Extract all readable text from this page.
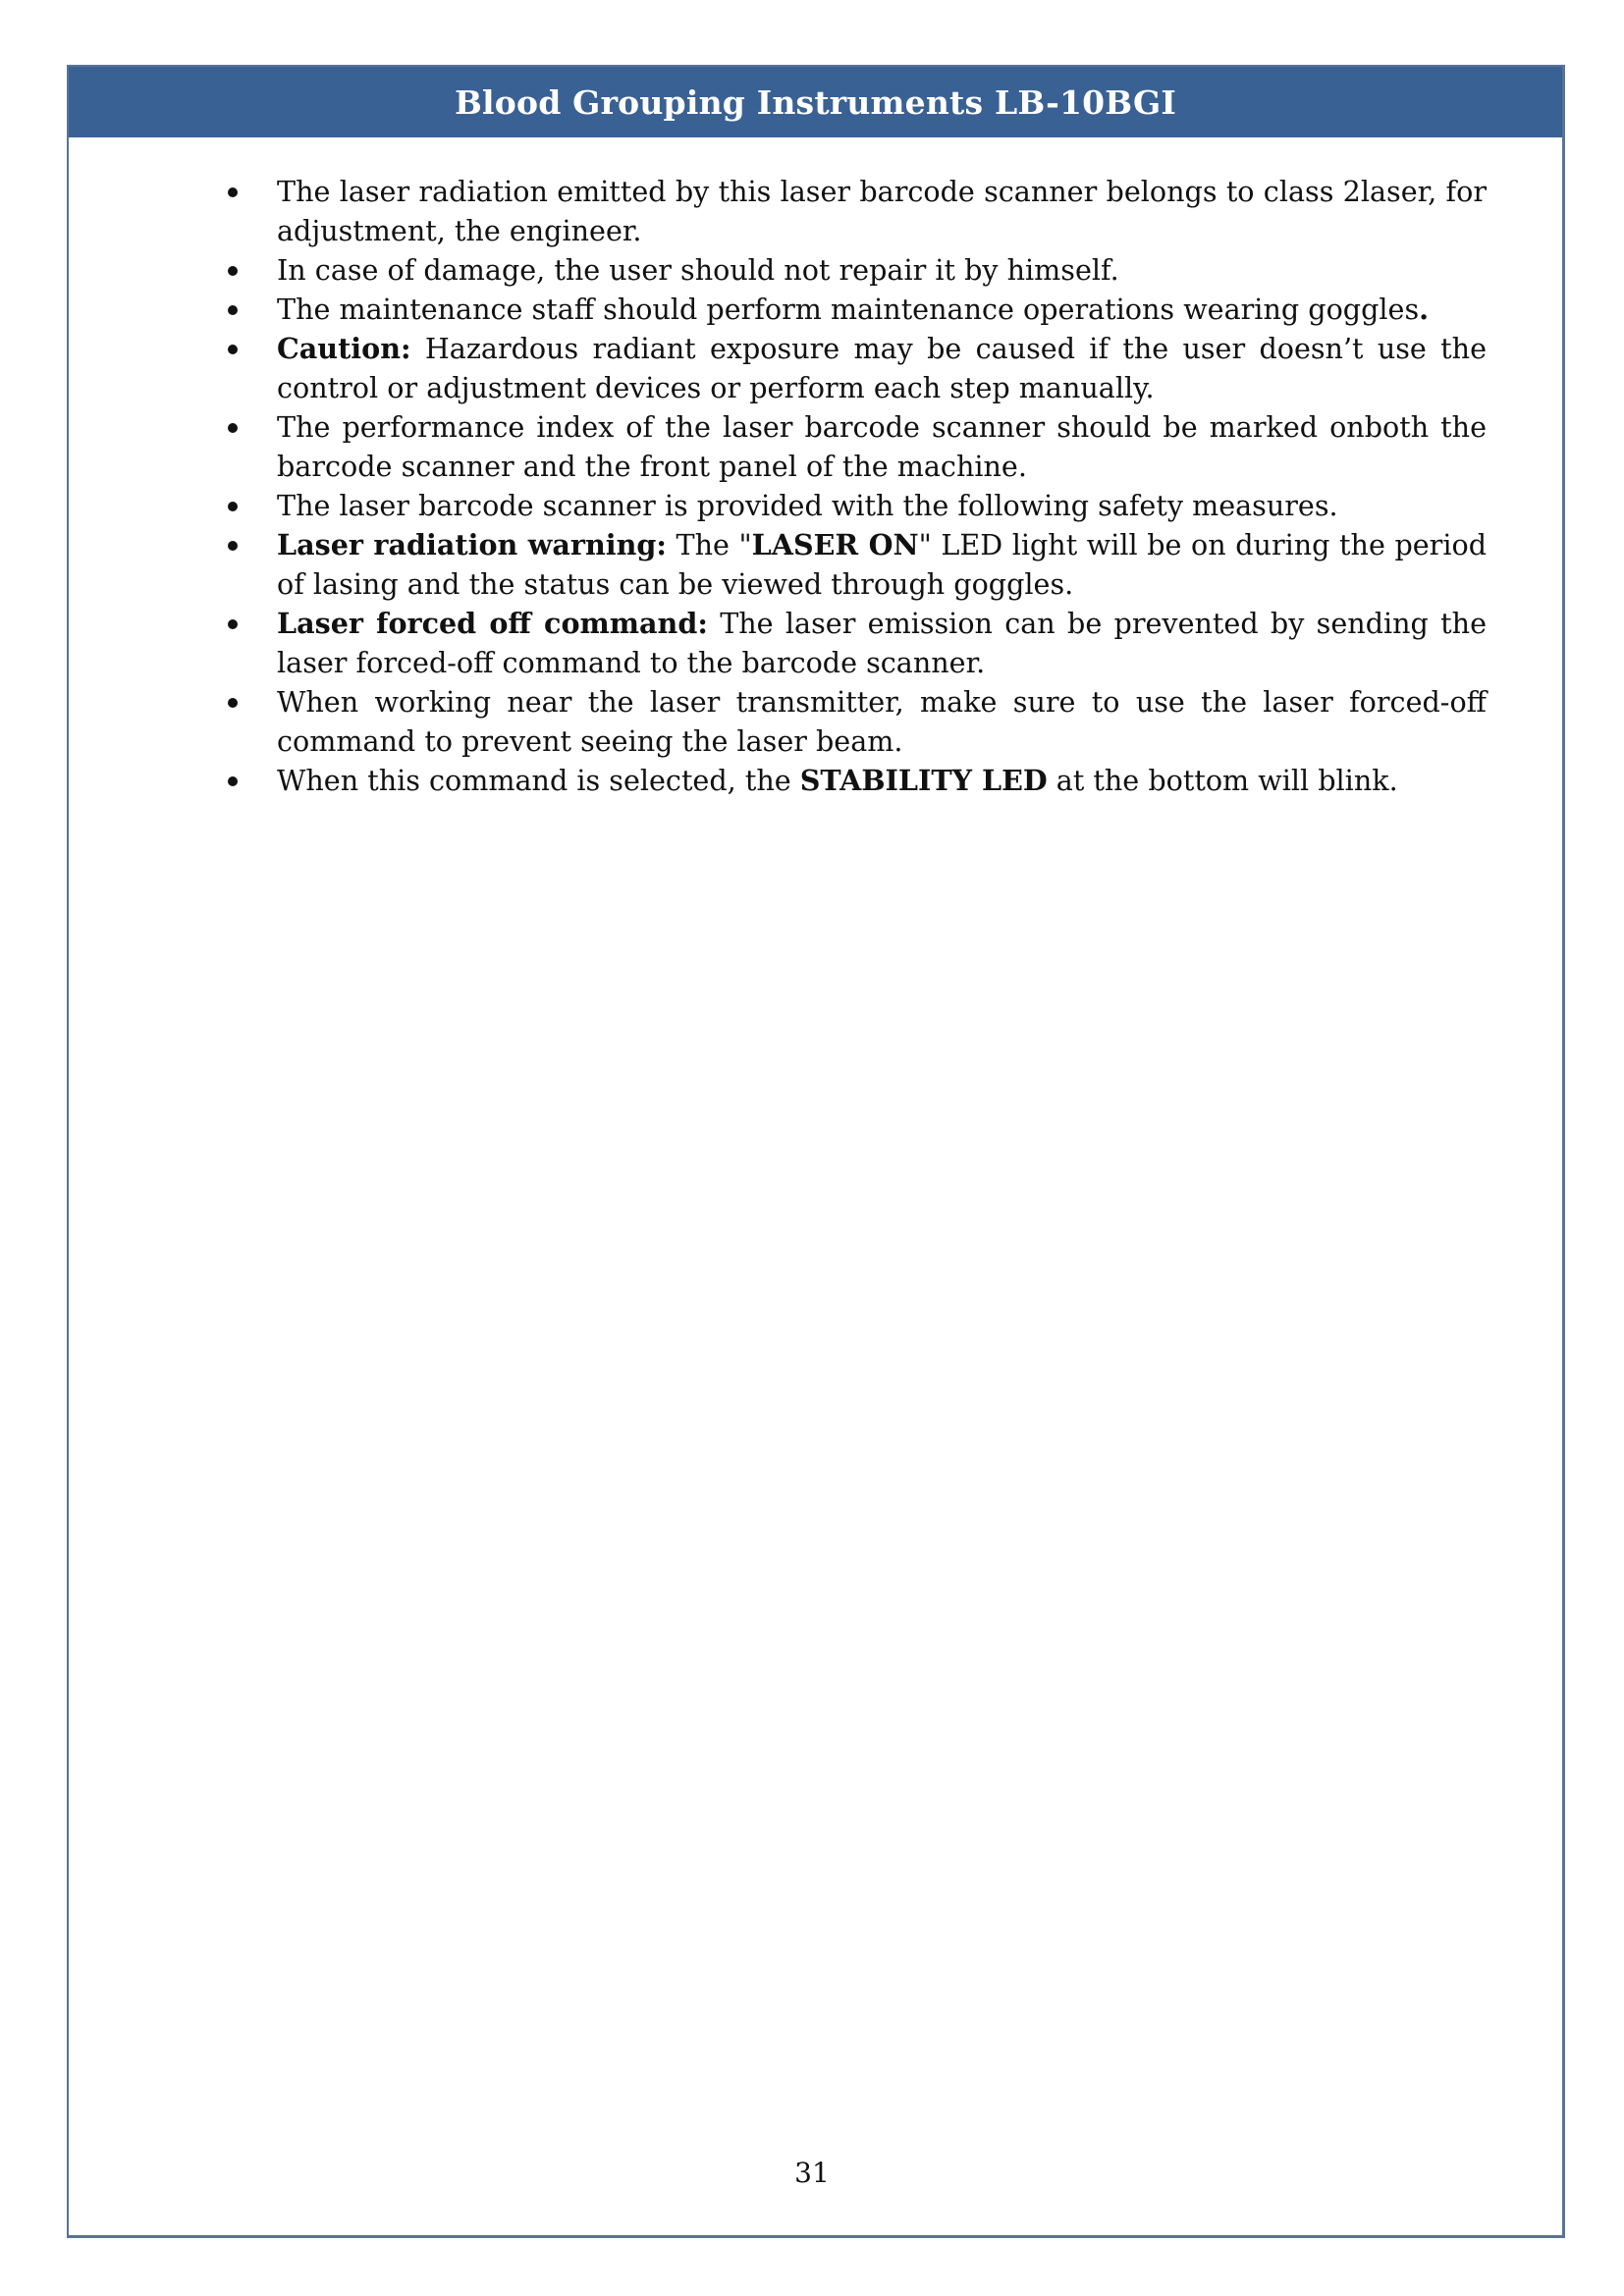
Blood Grouping Instruments LB-10BGI
The laser radiation emitted by this laser barcode scanner belongs to class 2laser, for adjustment, the engineer.
In case of damage, the user should not repair it by himself.
The maintenance staff should perform maintenance operations wearing goggles.
Caution: Hazardous radiant exposure may be caused if the user doesn’t use the control or adjustment devices or perform each step manually.
The performance index of the laser barcode scanner should be marked onboth the barcode scanner and the front panel of the machine.
The laser barcode scanner is provided with the following safety measures.
Laser radiation warning: The "LASER ON" LED light will be on during the period of lasing and the status can be viewed through goggles.
Laser forced off command: The laser emission can be prevented by sending the laser forced-off command to the barcode scanner.
When working near the laser transmitter, make sure to use the laser forced-off command to prevent seeing the laser beam.
When this command is selected, the STABILITY LED at the bottom will blink.
31
